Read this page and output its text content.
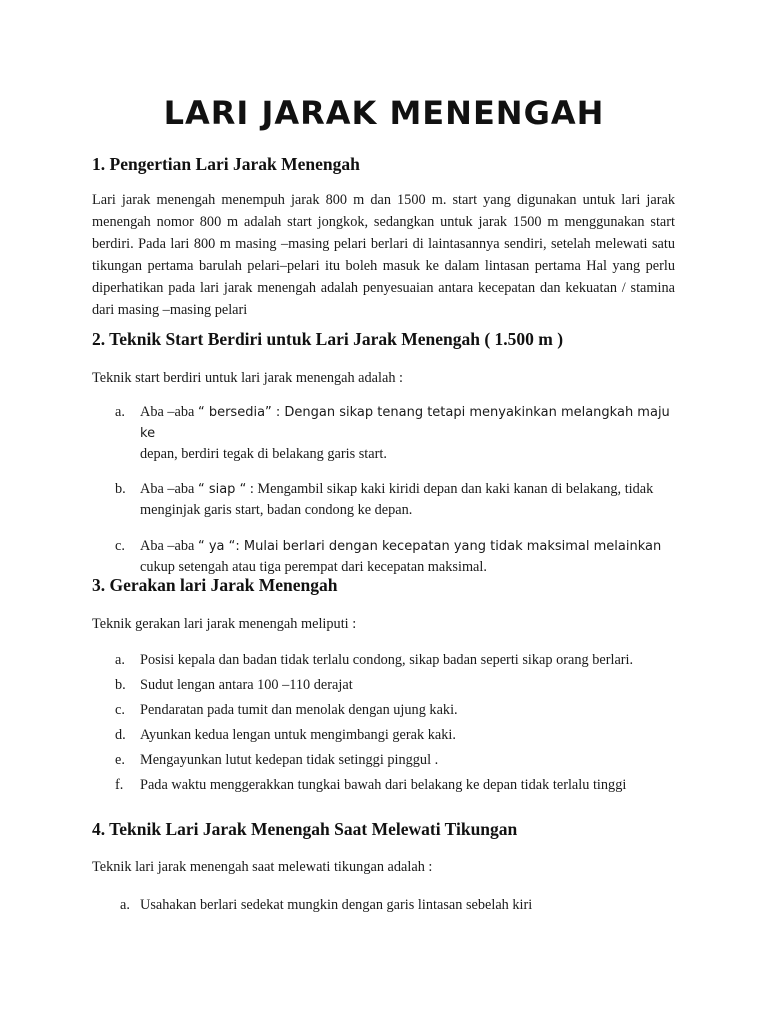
LARI JARAK MENENGAH
1. Pengertian Lari Jarak Menengah

Lari jarak menengah menempuh jarak 800 m dan 1500 m. start yang digunakan untuk lari jarak menengah nomor 800 m adalah start jongkok, sedangkan untuk jarak 1500 m menggunakan start berdiri. Pada lari 800 m masing –masing pelari berlari di laintasannya sendiri, setelah melewati satu tikungan pertama barulah pelari–pelari itu boleh masuk ke dalam lintasan pertama Hal yang perlu diperhatikan pada lari jarak menengah adalah penyesuaian antara kecepatan dan kekuatan / stamina dari masing –masing pelari

2. Teknik Start Berdiri untuk Lari Jarak Menengah ( 1.500 m )

Teknik start berdiri untuk lari jarak menengah adalah :

a. Aba –aba “ bersedia” : Dengan sikap tenang tetapi menyakinkan melangkah maju ke
depan, berdiri tegak di belakang garis start.
b. Aba –aba “ siap “ : Mengambil sikap kaki kiridi depan dan kaki kanan di belakang, tidak menginjak garis start, badan condong ke depan.
c. Aba –aba “ ya “: Mulai berlari dengan kecepatan yang tidak maksimal melainkan
cukup setengah atau tiga perempat dari kecepatan maksimal.
3. Gerakan lari Jarak Menengah

Teknik gerakan lari jarak menengah meliputi :

a. Posisi kepala dan badan tidak terlalu condong, sikap badan seperti sikap orang berlari.
b. Sudut lengan antara 100 –110 derajat
c. Pendaratan pada tumit dan menolak dengan ujung kaki.
d. Ayunkan kedua lengan untuk mengimbangi gerak kaki.
e. Mengayunkan lutut kedepan tidak setinggi pinggul .
f. Pada waktu menggerakkan tungkai bawah dari belakang ke depan tidak terlalu tinggi
4. Teknik Lari Jarak Menengah Saat Melewati Tikungan

Teknik lari jarak menengah saat melewati tikungan adalah :

a. Usahakan berlari sedekat mungkin dengan garis lintasan sebelah kiri
